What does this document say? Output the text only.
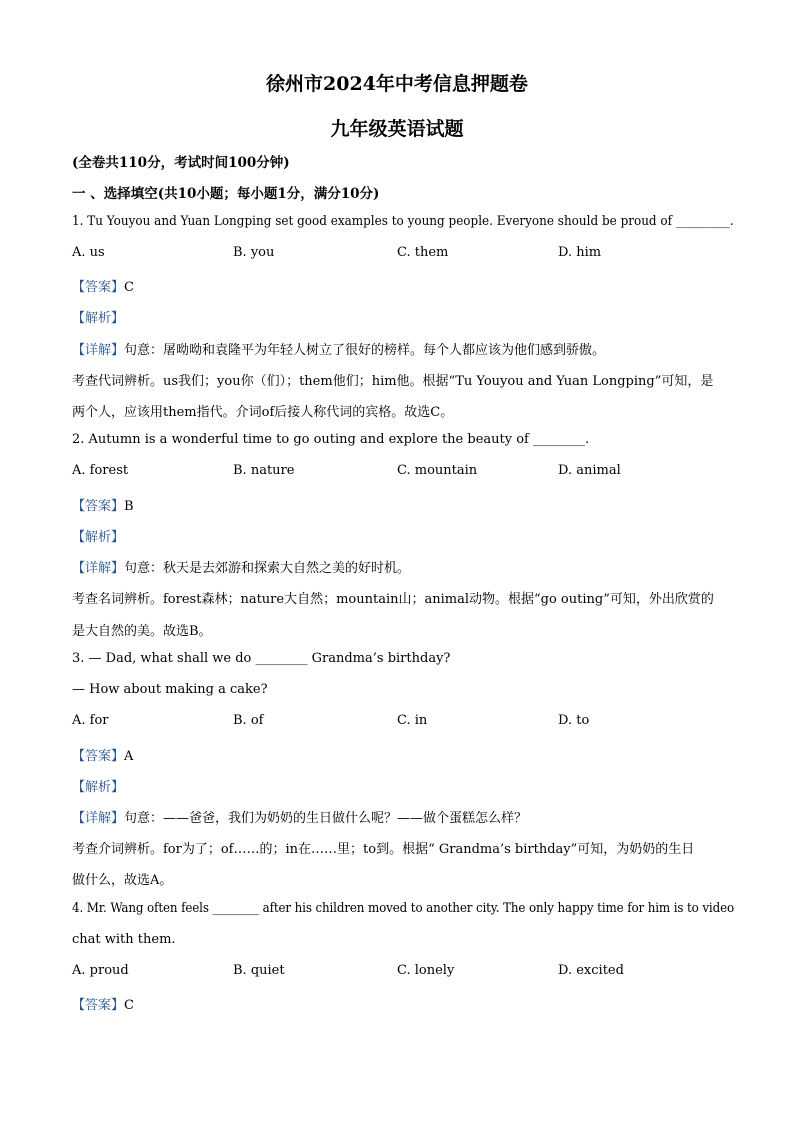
徐州市2024年中考信息押题卷
九年级英语试题
(全卷共110分，考试时间100分钟)
一 、选择填空(共10小题；每小题1分，满分10分)
1. Tu Youyou and Yuan Longping set good examples to young people. Everyone should be proud of _________.
A. us	B. you	C. them	D. him
【答案】C
【解析】
【详解】句意：屠呦呦和袁隆平为年轻人树立了很好的榜样。每个人都应该为他们感到骄傲。
考查代词辨析。us我们；you你（们）；them他们；him他。根据“Tu Youyou and Yuan Longping”可知，是
两个人，应该用them指代。介词of后接人称代词的宾格。故选C。
2. Autumn is a wonderful time to go outing and explore the beauty of ________.
A. forest	B. nature	C. mountain	D. animal
【答案】B
【解析】
【详解】句意：秋天是去郊游和探索大自然之美的好时机。
考查名词辨析。forest森林；nature大自然；mountain山；animal动物。根据“go outing”可知，外出欣赏的
是大自然的美。故选B。
3. — Dad, what shall we do ________ Grandma’s birthday?
— How about making a cake?
A. for	B. of	C. in	D. to
【答案】A
【解析】
【详解】句意：——爸爸，我们为奶奶的生日做什么呢？——做个蛋糕怎么样？
考查介词辨析。for为了；of……的；in在……里；to到。根据“ Grandma’s birthday”可知，为奶奶的生日
做什么，故选A。
4. Mr. Wang often feels ________ after his children moved to another city. The only happy time for him is to video
chat with them.
A. proud	B. quiet	C. lonely	D. excited
【答案】C
